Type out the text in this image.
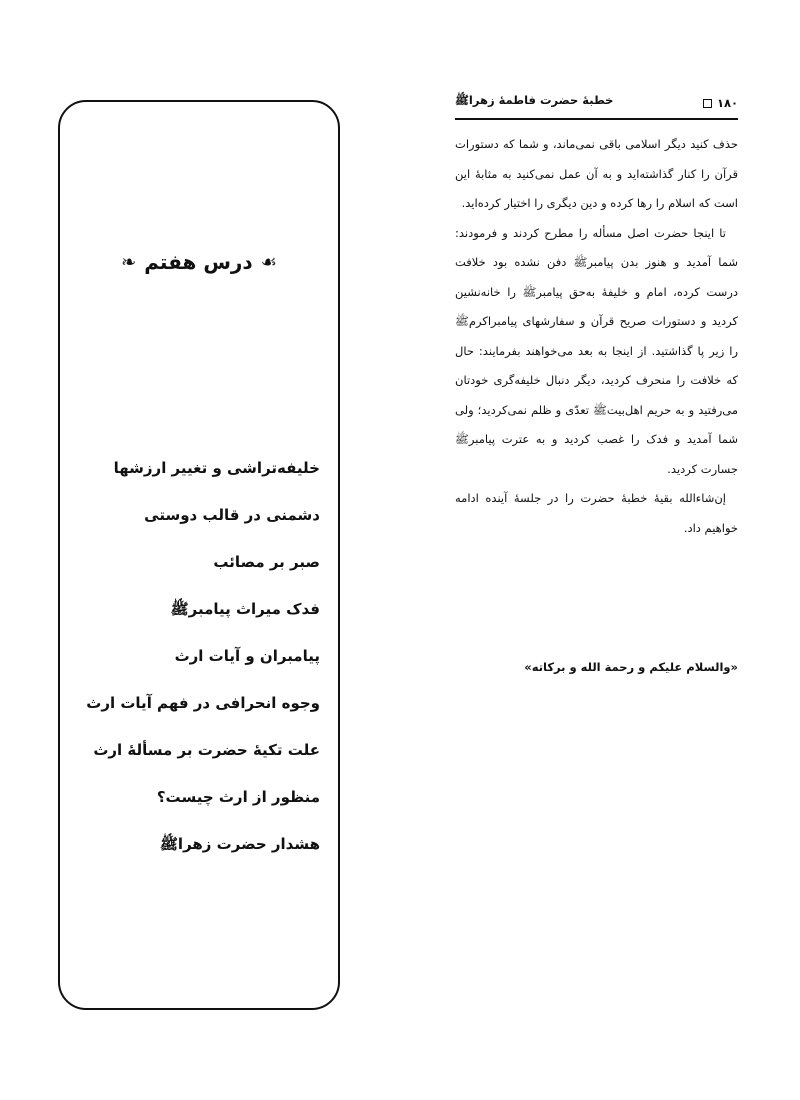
☙
درس هفتم
❧
خلیفه‌تراشی و تغییر ارزشها
دشمنی در قالب دوستی
صبر بر مصائب
فدک میراث پیامبرﷺ
پیامبران و آیات ارث
وجوه انحرافی در فهم آیات ارث
علت تکیهٔ حضرت بر مسألهٔ ارث
منظور از ارث چیست؟
هشدار حضرت زهراﷺ
۱۸۰
خطبهٔ حضرت فاطمهٔ زهراﷺ

حذف کنید دیگر اسلامی باقی نمی‌ماند، و شما که دستورات قرآن را کنار گذاشته‌اید و به آن عمل نمی‌کنید به مثابهٔ این است که اسلام را رها کرده و دین دیگری را اختیار کرده‌اید.

تا اینجا حضرت اصل مسأله را مطرح کردند و فرمودند: شما آمدید و هنوز بدن پیامبرﷺ دفن نشده بود خلافت درست کرده، امام و خلیفهٔ به‌حق پیامبرﷺ را خانه‌نشین کردید و دستورات صریح قرآن و سفارشهای پیامبراکرمﷺ را زیر پا گذاشتید. از اینجا به بعد می‌خواهند بفرمایند: حال که خلافت را منحرف کردید، دیگر دنبال خلیفه‌گری خودتان می‌رفتید و به حریم اهل‌بیتﷺ تعدّی و ظلم نمی‌کردید؛ ولی شما آمدید و فدک را غصب کردید و به عترت پیامبرﷺ جسارت کردید.

إن‌شاءالله بقیهٔ خطبهٔ حضرت را در جلسهٔ آینده ادامه خواهیم داد.

«والسلام علیکم و رحمة الله و برکاته»
